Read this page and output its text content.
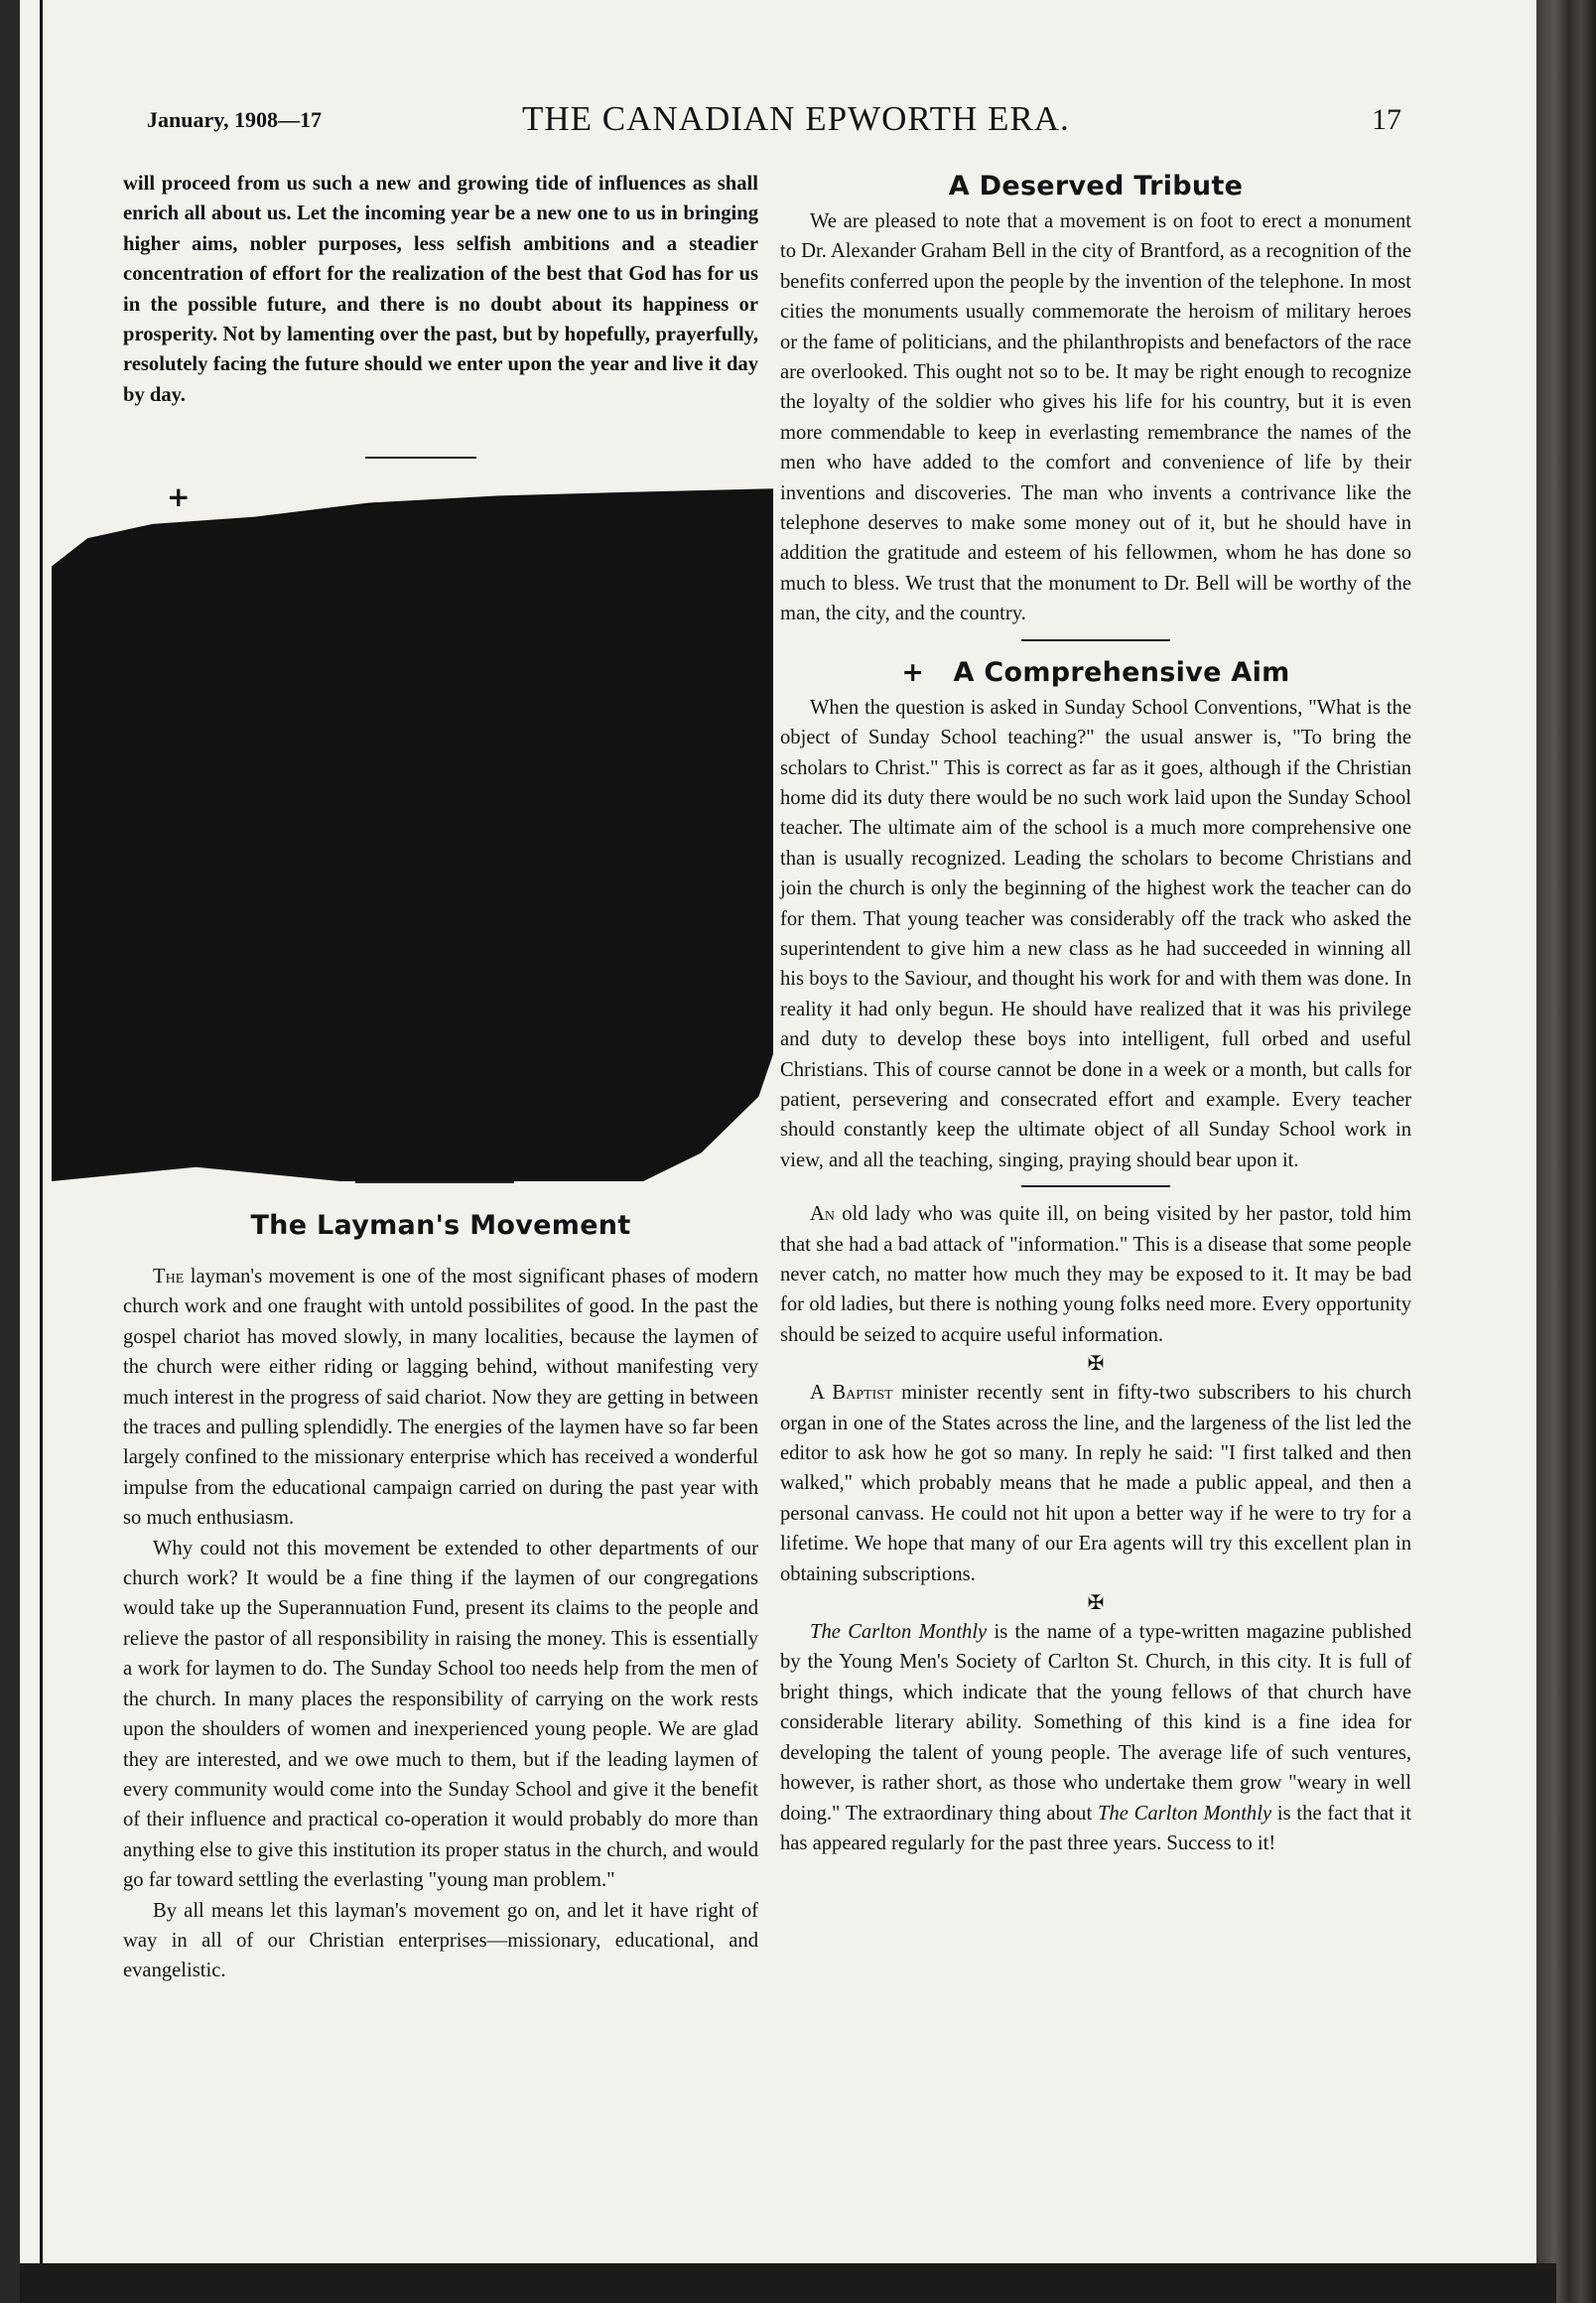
January, 1908—17	THE CANADIAN EPWORTH ERA.	17

will proceed from us such a new and growing tide of influences as shall enrich all about us. Let the incoming year be a new one to us in bringing higher aims, nobler purposes, less selfish ambitions and a steadier concentration of effort for the realization of the best that God has for us in the possible future, and there is no doubt about its happiness or prosperity. Not by lamenting over the past, but by hopefully, prayerfully, resolutely facing the future should we enter upon the year and live it day by day.

+
The Layman's Movement

The layman's movement is one of the most significant phases of modern church work and one fraught with untold possibilites of good. In the past the gospel chariot has moved slowly, in many localities, because the laymen of the church were either riding or lagging behind, without manifesting very much interest in the progress of said chariot. Now they are getting in between the traces and pulling splendidly. The energies of the laymen have so far been largely confined to the missionary enterprise which has received a wonderful impulse from the educational campaign carried on during the past year with so much enthusiasm.

Why could not this movement be extended to other departments of our church work? It would be a fine thing if the laymen of our congregations would take up the Superannuation Fund, present its claims to the people and relieve the pastor of all responsibility in raising the money. This is essentially a work for laymen to do. The Sunday School too needs help from the men of the church. In many places the responsibility of carrying on the work rests upon the shoulders of women and inexperienced young people. We are glad they are interested, and we owe much to them, but if the leading laymen of every community would come into the Sunday School and give it the benefit of their influence and practical co-operation it would probably do more than anything else to give this institution its proper status in the church, and would go far toward settling the everlasting "young man problem."

By all means let this layman's movement go on, and let it have right of way in all of our Christian enterprises—missionary, educational, and evangelistic.

A Deserved Tribute

We are pleased to note that a movement is on foot to erect a monument to Dr. Alexander Graham Bell in the city of Brantford, as a recognition of the benefits conferred upon the people by the invention of the telephone. In most cities the monuments usually commemorate the heroism of military heroes or the fame of politicians, and the philanthropists and benefactors of the race are overlooked. This ought not so to be. It may be right enough to recognize the loyalty of the soldier who gives his life for his country, but it is even more commendable to keep in everlasting remembrance the names of the men who have added to the comfort and convenience of life by their inventions and discoveries. The man who invents a contrivance like the telephone deserves to make some money out of it, but he should have in addition the gratitude and esteem of his fellowmen, whom he has done so much to bless. We trust that the monument to Dr. Bell will be worthy of the man, the city, and the country.

+ A Comprehensive Aim

When the question is asked in Sunday School Conventions, "What is the object of Sunday School teaching?" the usual answer is, "To bring the scholars to Christ." This is correct as far as it goes, although if the Christian home did its duty there would be no such work laid upon the Sunday School teacher. The ultimate aim of the school is a much more comprehensive one than is usually recognized. Leading the scholars to become Christians and join the church is only the beginning of the highest work the teacher can do for them. That young teacher was considerably off the track who asked the superintendent to give him a new class as he had succeeded in winning all his boys to the Saviour, and thought his work for and with them was done. In reality it had only begun. He should have realized that it was his privilege and duty to develop these boys into intelligent, full orbed and useful Christians. This of course cannot be done in a week or a month, but calls for patient, persevering and consecrated effort and example. Every teacher should constantly keep the ultimate object of all Sunday School work in view, and all the teaching, singing, praying should bear upon it.

An old lady who was quite ill, on being visited by her pastor, told him that she had a bad attack of "information." This is a disease that some people never catch, no matter how much they may be exposed to it. It may be bad for old ladies, but there is nothing young folks need more. Every opportunity should be seized to acquire useful information.

✠

A Baptist minister recently sent in fifty-two subscribers to his church organ in one of the States across the line, and the largeness of the list led the editor to ask how he got so many. In reply he said: "I first talked and then walked," which probably means that he made a public appeal, and then a personal canvass. He could not hit upon a better way if he were to try for a lifetime. We hope that many of our Era agents will try this excellent plan in obtaining subscriptions.

✠

The Carlton Monthly is the name of a type-written magazine published by the Young Men's Society of Carlton St. Church, in this city. It is full of bright things, which indicate that the young fellows of that church have considerable literary ability. Something of this kind is a fine idea for developing the talent of young people. The average life of such ventures, however, is rather short, as those who undertake them grow "weary in well doing." The extraordinary thing about The Carlton Monthly is the fact that it has appeared regularly for the past three years. Success to it!
